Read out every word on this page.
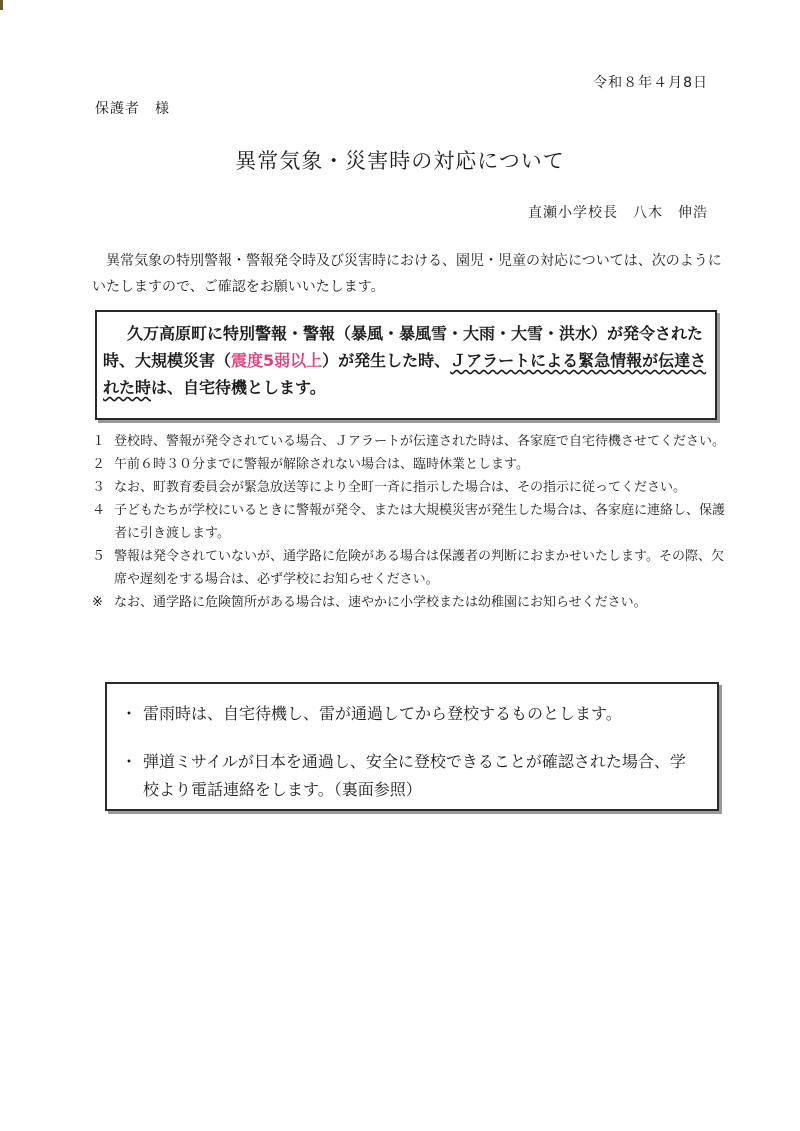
令和８年４月8日
保護者　様
異常気象・災害時の対応について
直瀬小学校長　八木　伸浩
異常気象の特別警報・警報発令時及び災害時における、園児・児童の対応については、次のようにいたしますので、ご確認をお願いいたします。
久万高原町に特別警報・警報（暴風・暴風雪・大雨・大雪・洪水）が発令された時、大規模災害（震度5弱以上）が発生した時、Ｊアラートによる緊急情報が伝達された時は、自宅待機とします。
１ 登校時、警報が発令されている場合、Ｊアラートが伝達された時は、各家庭で自宅待機させてください。
２ 午前６時３０分までに警報が解除されない場合は、臨時休業とします。
３ なお、町教育委員会が緊急放送等により全町一斉に指示した場合は、その指示に従ってください。
４ 子どもたちが学校にいるときに警報が発令、または大規模災害が発生した場合は、各家庭に連絡し、保護者に引き渡します。
５ 警報は発令されていないが、通学路に危険がある場合は保護者の判断におまかせいたします。その際、欠席や遅刻をする場合は、必ず学校にお知らせください。
※ なお、通学路に危険箇所がある場合は、速やかに小学校または幼稚園にお知らせください。
・ 雷雨時は、自宅待機し、雷が通過してから登校するものとします。
・ 弾道ミサイルが日本を通過し、安全に登校できることが確認された場合、学校より電話連絡をします。（裏面参照）
